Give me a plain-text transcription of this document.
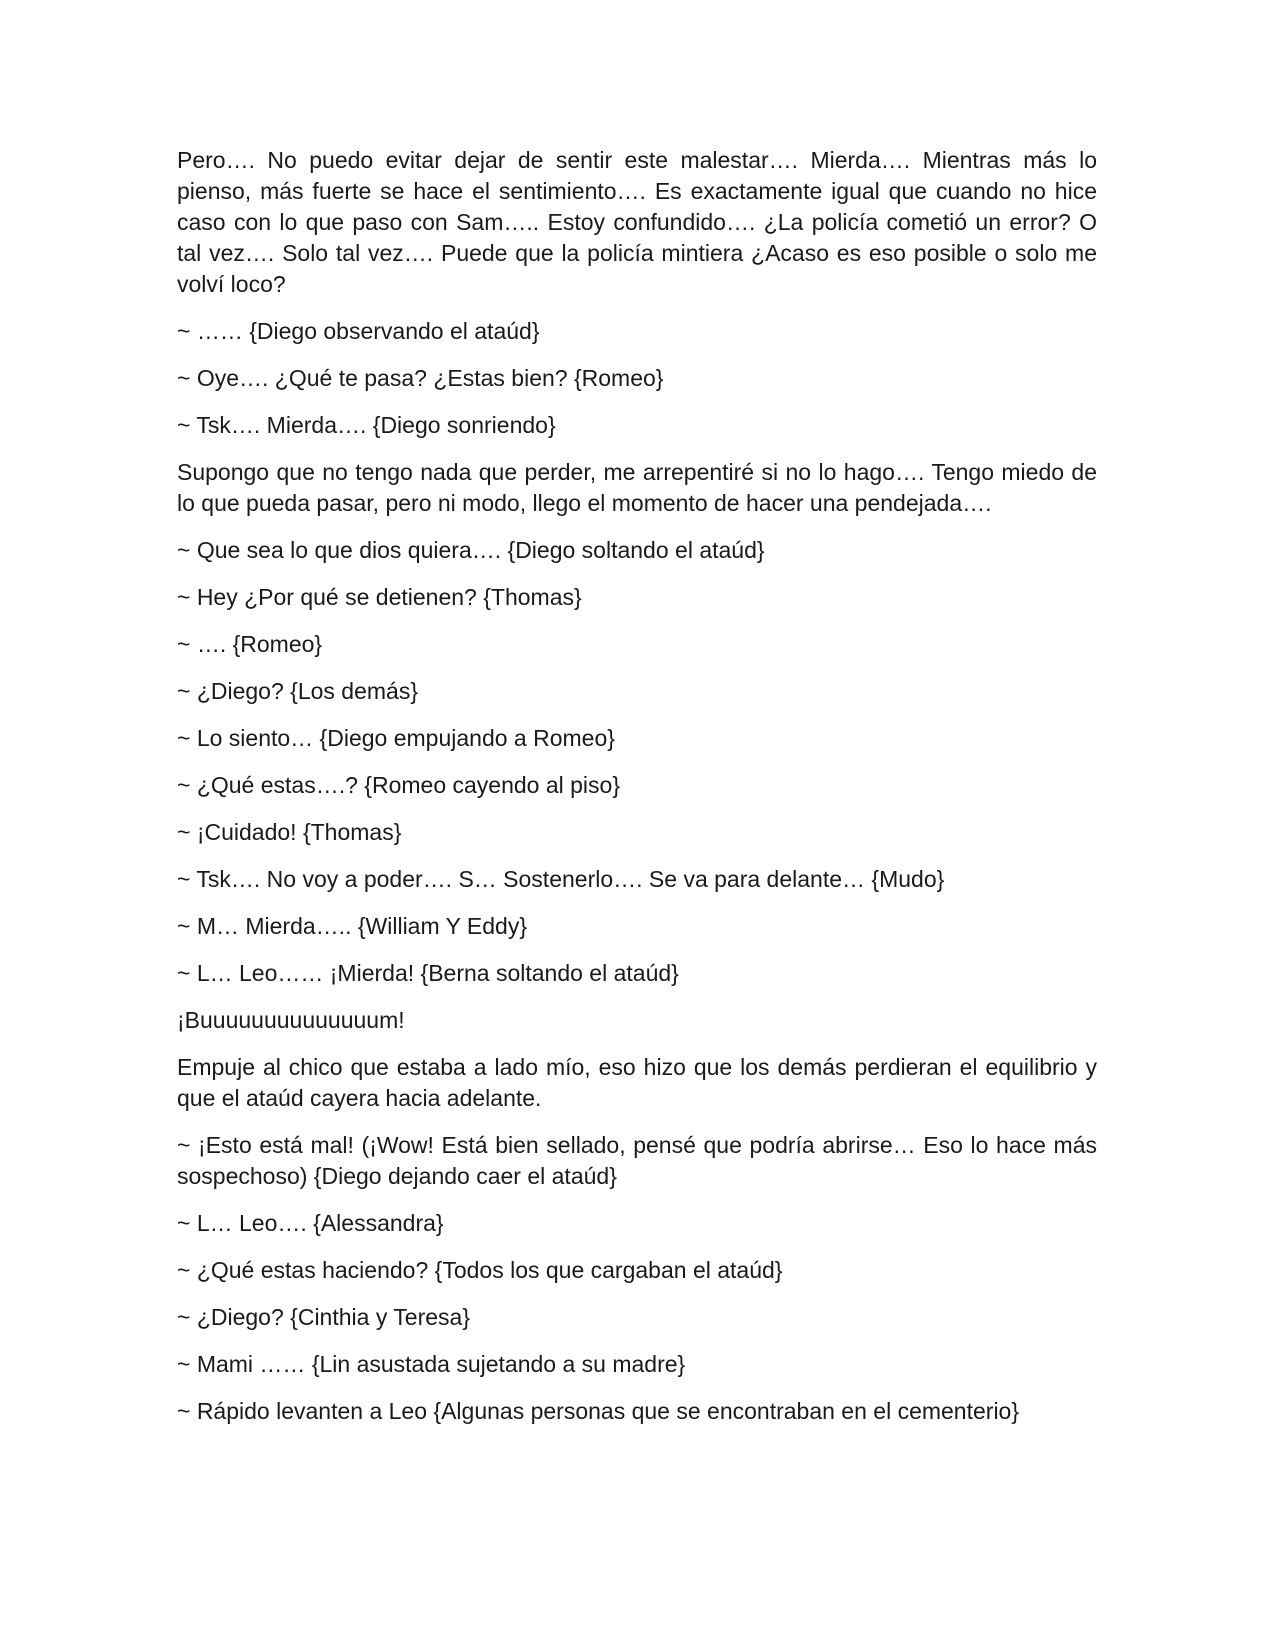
Pero…. No puedo evitar dejar de sentir este malestar…. Mierda…. Mientras más lo pienso, más fuerte se hace el sentimiento…. Es exactamente igual que cuando no hice caso con lo que paso con Sam….. Estoy confundido…. ¿La policía cometió un error? O tal vez…. Solo tal vez…. Puede que la policía mintiera ¿Acaso es eso posible o solo me volví loco?

~ …… {Diego observando el ataúd}

~ Oye…. ¿Qué te pasa? ¿Estas bien? {Romeo}

~ Tsk…. Mierda…. {Diego sonriendo}

Supongo que no tengo nada que perder, me arrepentiré si no lo hago…. Tengo miedo de lo que pueda pasar, pero ni modo, llego el momento de hacer una pendejada….

~ Que sea lo que dios quiera…. {Diego soltando el ataúd}

~ Hey ¿Por qué se detienen? {Thomas}

~ …. {Romeo}

~ ¿Diego? {Los demás}

~ Lo siento… {Diego empujando a Romeo}

~ ¿Qué estas….? {Romeo cayendo al piso}

~ ¡Cuidado! {Thomas}

~ Tsk…. No voy a poder…. S… Sostenerlo…. Se va para delante… {Mudo}

~ M… Mierda….. {William Y Eddy}

~ L… Leo…… ¡Mierda! {Berna soltando el ataúd}

¡Buuuuuuuuuuuuuum!

Empuje al chico que estaba a lado mío, eso hizo que los demás perdieran el equilibrio y que el ataúd cayera hacia adelante.

~ ¡Esto está mal! (¡Wow! Está bien sellado, pensé que podría abrirse… Eso lo hace más sospechoso) {Diego dejando caer el ataúd}

~ L… Leo…. {Alessandra}

~ ¿Qué estas haciendo? {Todos los que cargaban el ataúd}

~ ¿Diego? {Cinthia y Teresa}

~ Mami …… {Lin asustada sujetando a su madre}

~ Rápido levanten a Leo {Algunas personas que se encontraban en el cementerio}
